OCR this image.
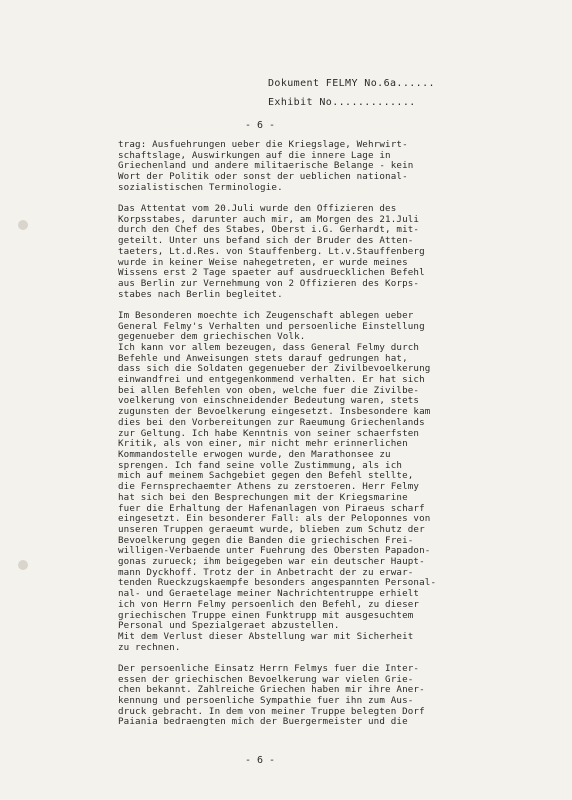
Dokument FELMY No.6a......
Exhibit No.............
- 6 -
trag: Ausfuehrungen ueber die Kriegslage, Wehrwirt-
schaftslage, Auswirkungen auf die innere Lage in
Griechenland und andere militaerische Belange - kein
Wort der Politik oder sonst der ueblichen national-
sozialistischen Terminologie.
Das Attentat vom 20.Juli wurde den Offizieren des
Korpsstabes, darunter auch mir, am Morgen des 21.Juli
durch den Chef des Stabes, Oberst i.G. Gerhardt, mit-
geteilt. Unter uns befand sich der Bruder des Atten-
taeters, Lt.d.Res. von Stauffenberg. Lt.v.Stauffenberg
wurde in keiner Weise nahegetreten, er wurde meines
Wissens erst 2 Tage spaeter auf ausdruecklichen Befehl
aus Berlin zur Vernehmung von 2 Offizieren des Korps-
stabes nach Berlin begleitet.
Im Besonderen moechte ich Zeugenschaft ablegen ueber
General Felmy's Verhalten und persoenliche Einstellung
gegenueber dem griechischen Volk.
Ich kann vor allem bezeugen, dass General Felmy durch
Befehle und Anweisungen stets darauf gedrungen hat,
dass sich die Soldaten gegenueber der Zivilbevoelkerung
einwandfrei und entgegenkommend verhalten. Er hat sich
bei allen Befehlen von oben, welche fuer die Zivilbe-
voelkerung von einschneidender Bedeutung waren, stets
zugunsten der Bevoelkerung eingesetzt. Insbesondere kam
dies bei den Vorbereitungen zur Raeumung Griechenlands
zur Geltung. Ich habe Kenntnis von seiner schaerfsten
Kritik, als von einer, mir nicht mehr erinnerlichen
Kommandostelle erwogen wurde, den Marathonsee zu
sprengen. Ich fand seine volle Zustimmung, als ich
mich auf meinem Sachgebiet gegen den Befehl stellte,
die Fernsprechaemter Athens zu zerstoeren. Herr Felmy
hat sich bei den Besprechungen mit der Kriegsmarine
fuer die Erhaltung der Hafenanlagen von Piraeus scharf
eingesetzt. Ein besonderer Fall: als der Peloponnes von
unseren Truppen geraeumt wurde, blieben zum Schutz der
Bevoelkerung gegen die Banden die griechischen Frei-
willigen-Verbaende unter Fuehrung des Obersten Papadon-
gonas zurueck; ihm beigegeben war ein deutscher Haupt-
mann Dyckhoff. Trotz der in Anbetracht der zu erwar-
tenden Rueckzugskaempfe besonders angespannten Personal-
nal- und Geraetelage meiner Nachrichtentruppe erhielt
ich von Herrn Felmy persoenlich den Befehl, zu dieser
griechischen Truppe einen Funktrupp mit ausgesuchtem
Personal und Spezialgeraet abzustellen.
Mit dem Verlust dieser Abstellung war mit Sicherheit
zu rechnen.
Der persoenliche Einsatz Herrn Felmys fuer die Inter-
essen der griechischen Bevoelkerung war vielen Grie-
chen bekannt. Zahlreiche Griechen haben mir ihre Aner-
kennung und persoenliche Sympathie fuer ihn zum Aus-
druck gebracht. In dem von meiner Truppe belegten Dorf
Paiania bedraengten mich der Buergermeister und die
- 6 -
